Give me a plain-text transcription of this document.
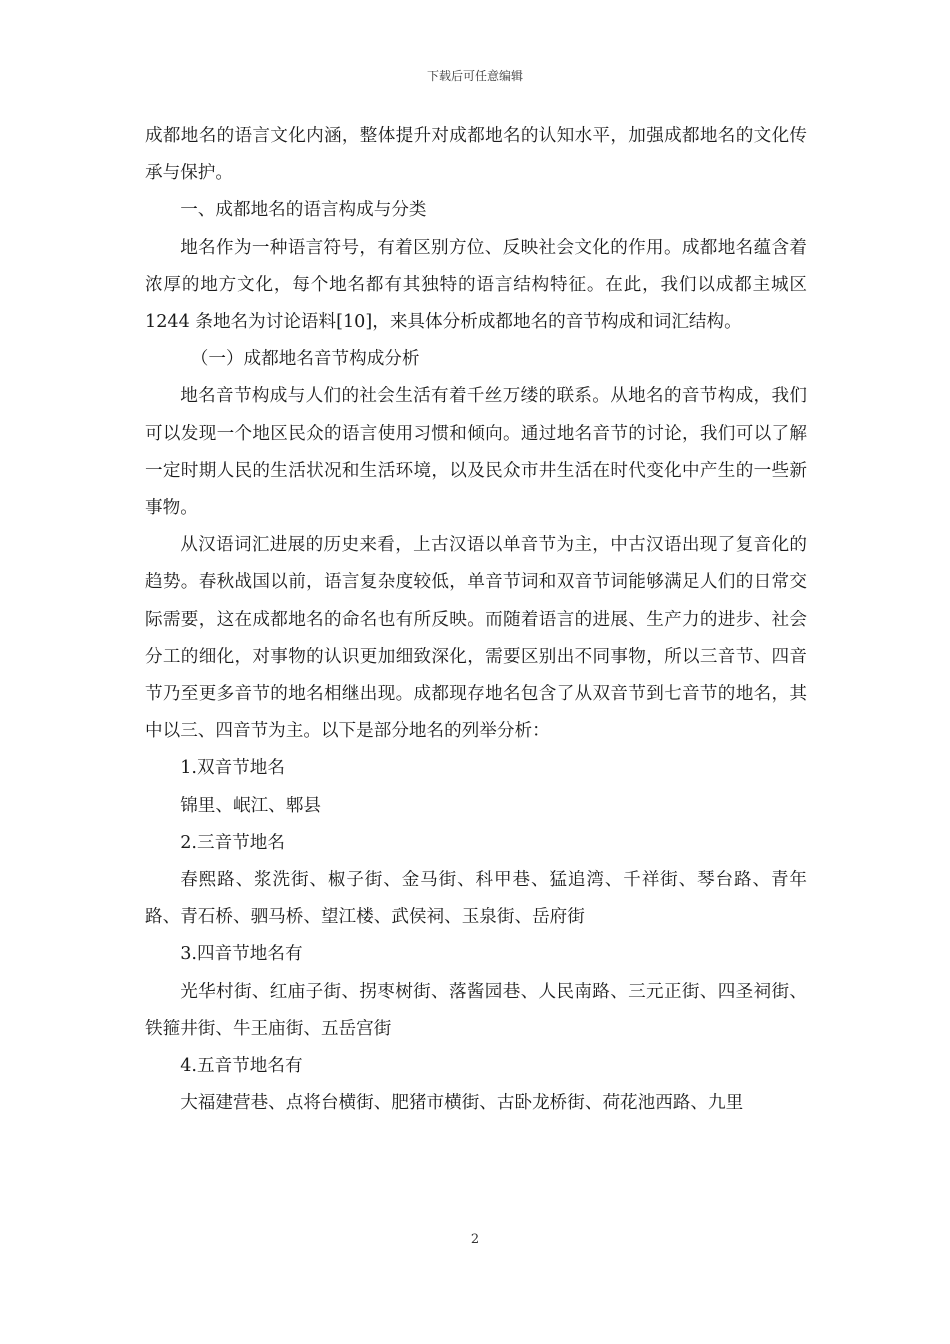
下载后可任意编辑

成都地名的语言文化内涵，整体提升对成都地名的认知水平，加强成都地名的文化传承与保护。

一、成都地名的语言构成与分类

地名作为一种语言符号，有着区别方位、反映社会文化的作用。成都地名蕴含着浓厚的地方文化，每个地名都有其独特的语言结构特征。在此，我们以成都主城区 1244 条地名为讨论语料[10]，来具体分析成都地名的音节构成和词汇结构。

（一）成都地名音节构成分析

地名音节构成与人们的社会生活有着千丝万缕的联系。从地名的音节构成，我们可以发现一个地区民众的语言使用习惯和倾向。通过地名音节的讨论，我们可以了解一定时期人民的生活状况和生活环境，以及民众市井生活在时代变化中产生的一些新事物。

从汉语词汇进展的历史来看，上古汉语以单音节为主，中古汉语出现了复音化的趋势。春秋战国以前，语言复杂度较低，单音节词和双音节词能够满足人们的日常交际需要，这在成都地名的命名也有所反映。而随着语言的进展、生产力的进步、社会分工的细化，对事物的认识更加细致深化，需要区别出不同事物，所以三音节、四音节乃至更多音节的地名相继出现。成都现存地名包含了从双音节到七音节的地名，其中以三、四音节为主。以下是部分地名的列举分析：

1.双音节地名

锦里、岷江、郫县

2.三音节地名

春熙路、浆洗街、椒子街、金马街、科甲巷、猛追湾、千祥街、琴台路、青年路、青石桥、驷马桥、望江楼、武侯祠、玉泉街、岳府街

3.四音节地名有

光华村街、红庙子街、拐枣树街、落酱园巷、人民南路、三元正街、四圣祠街、铁箍井街、牛王庙街、五岳宫街

4.五音节地名有

大福建营巷、点将台横街、肥猪市横街、古卧龙桥街、荷花池西路、九里

2
